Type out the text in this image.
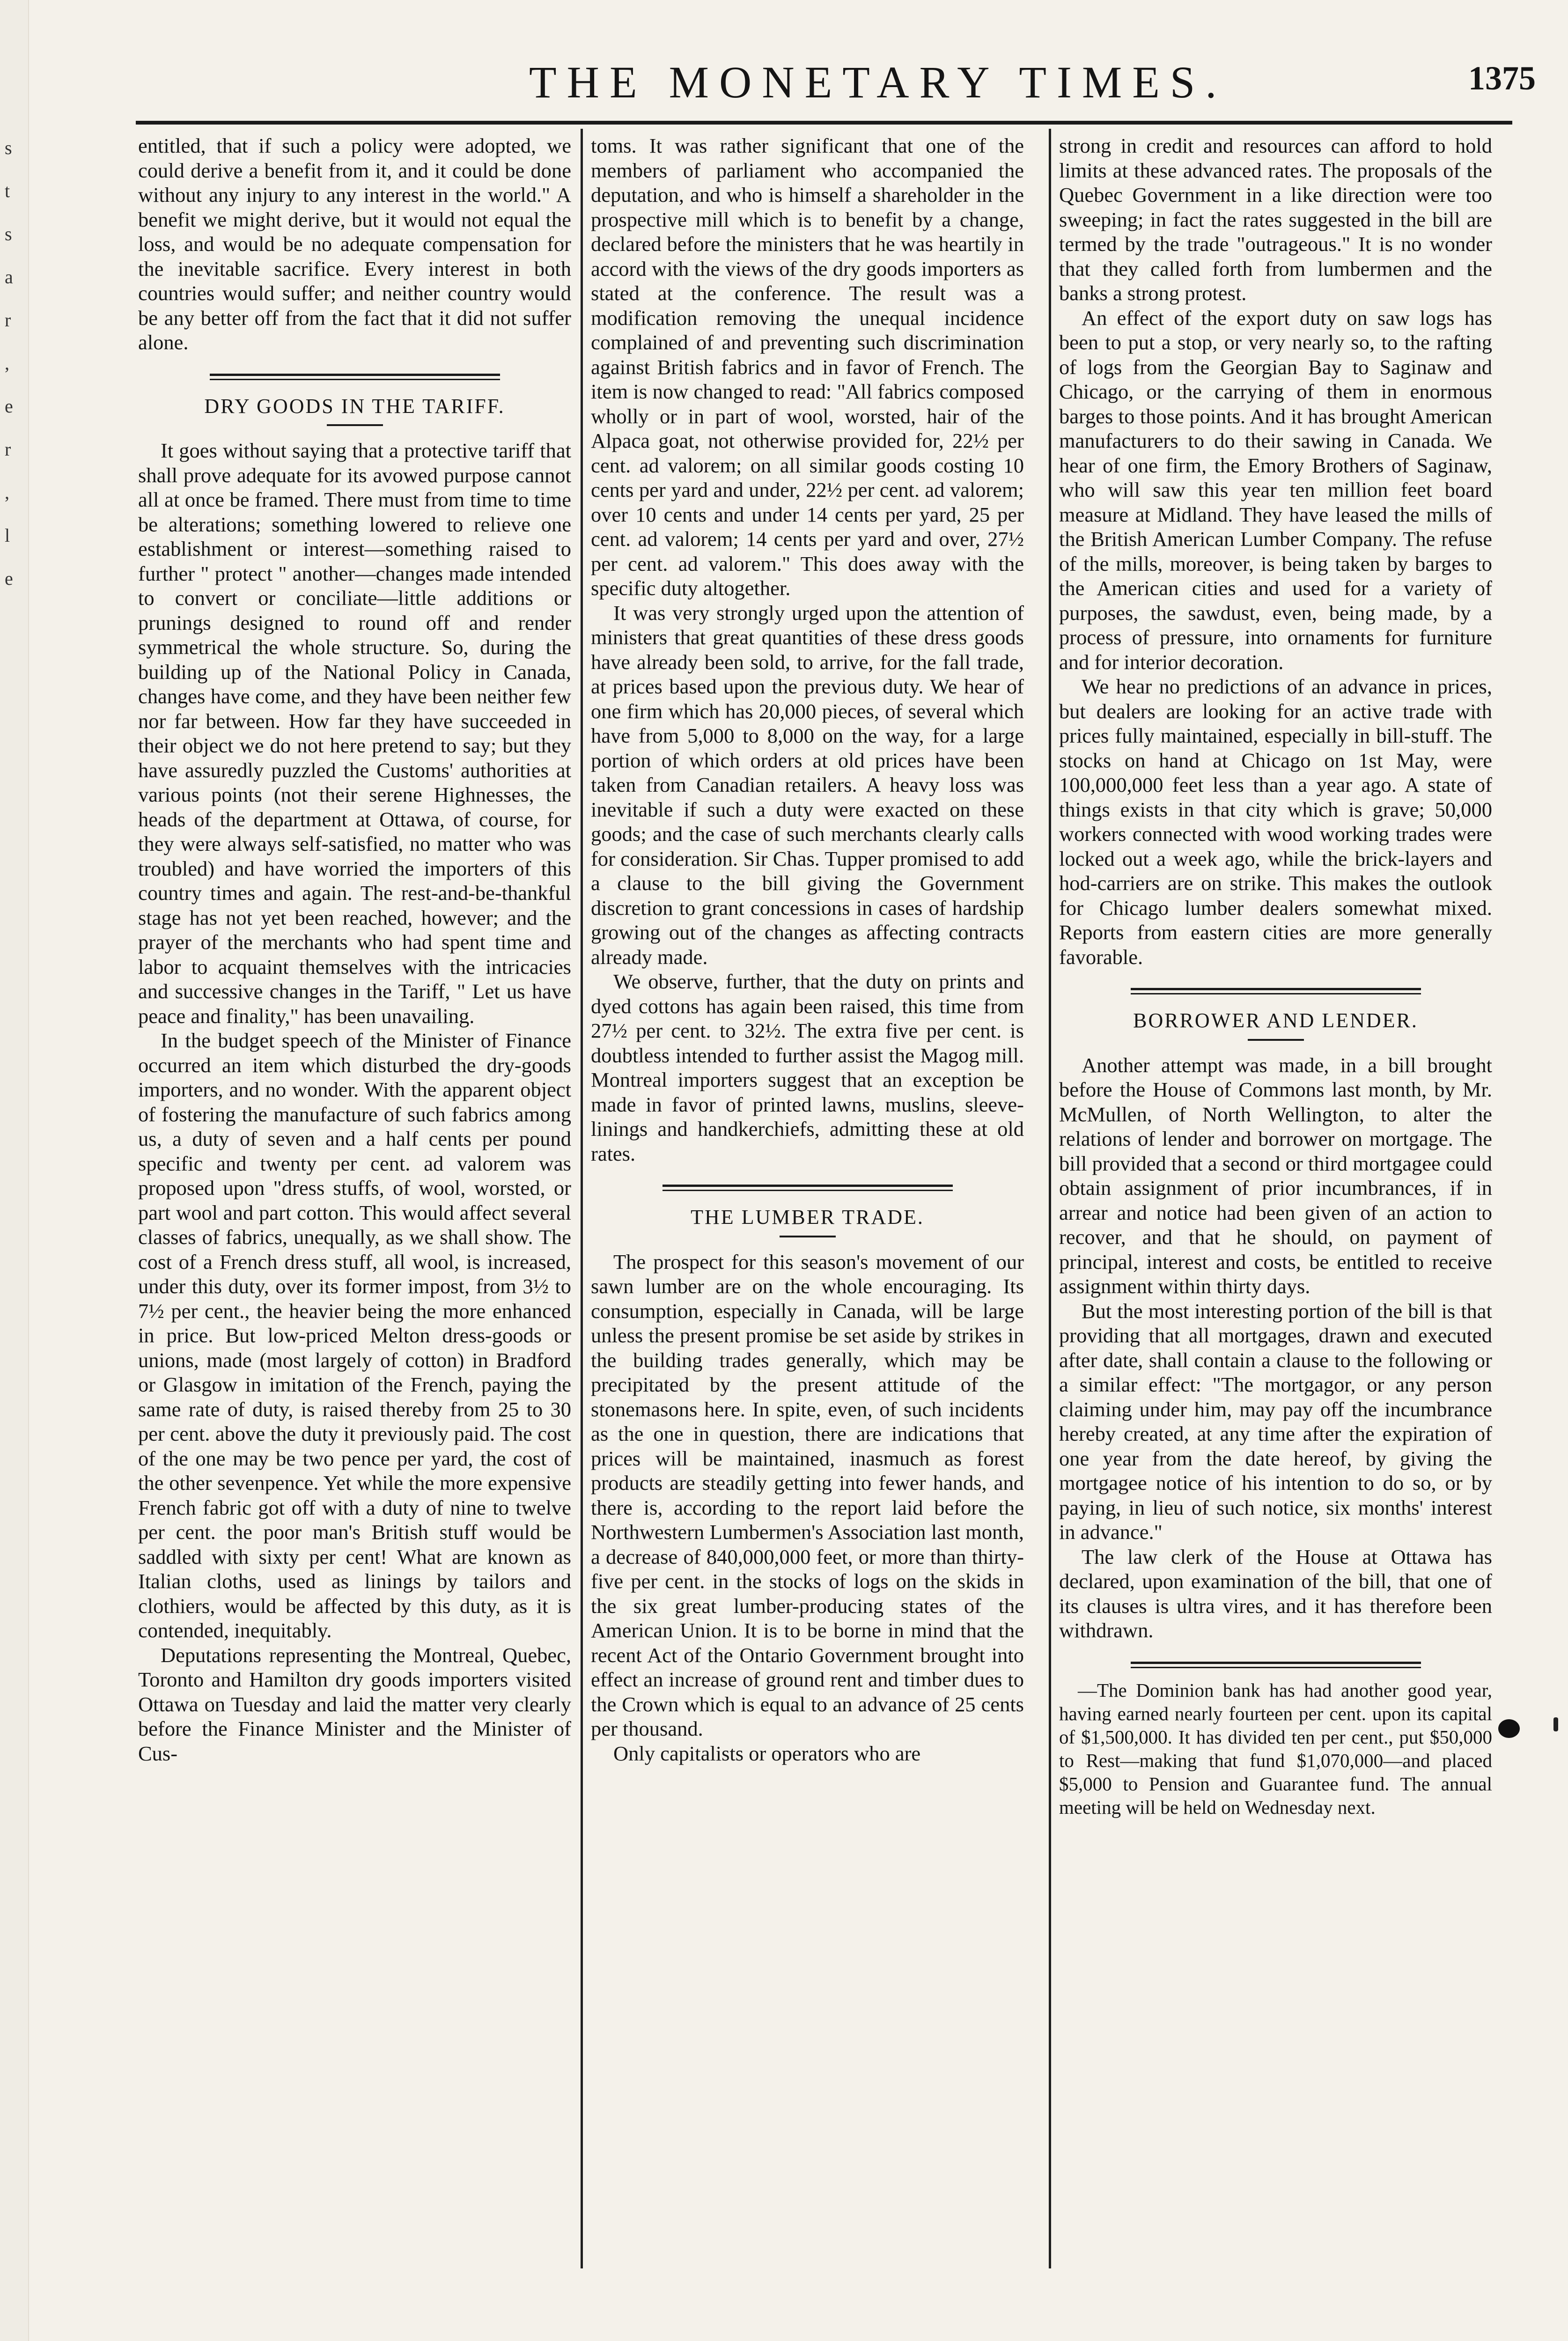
s
t
s
a
r
,
e
r
,
l
e
THE MONETARY TIMES.	1375

entitled, that if such a policy were adopted, we could derive a benefit from it, and it could be done without any injury to any interest in the world." A benefit we might derive, but it would not equal the loss, and would be no adequate compensation for the inevitable sacrifice. Every interest in both countries would suffer; and neither country would be any better off from the fact that it did not suffer alone.

DRY GOODS IN THE TARIFF.

It goes without saying that a protective tariff that shall prove adequate for its avowed purpose cannot all at once be framed. There must from time to time be alterations; something lowered to relieve one establishment or interest—something raised to further " protect " another—changes made intended to convert or conciliate—little additions or prunings designed to round off and render symmetrical the whole structure. So, during the building up of the National Policy in Canada, changes have come, and they have been neither few nor far between. How far they have succeeded in their object we do not here pretend to say; but they have assuredly puzzled the Customs' authorities at various points (not their serene Highnesses, the heads of the department at Ottawa, of course, for they were always self-satisfied, no matter who was troubled) and have worried the importers of this country times and again. The rest-and-be-thankful stage has not yet been reached, however; and the prayer of the merchants who had spent time and labor to acquaint themselves with the intricacies and successive changes in the Tariff, " Let us have peace and finality," has been unavailing.

In the budget speech of the Minister of Finance occurred an item which disturbed the dry-goods importers, and no wonder. With the apparent object of fostering the manufacture of such fabrics among us, a duty of seven and a half cents per pound specific and twenty per cent. ad valorem was proposed upon "dress stuffs, of wool, worsted, or part wool and part cotton. This would affect several classes of fabrics, unequally, as we shall show. The cost of a French dress stuff, all wool, is increased, under this duty, over its former impost, from 3½ to 7½ per cent., the heavier being the more enhanced in price. But low-priced Melton dress-goods or unions, made (most largely of cotton) in Bradford or Glasgow in imitation of the French, paying the same rate of duty, is raised thereby from 25 to 30 per cent. above the duty it previously paid. The cost of the one may be two pence per yard, the cost of the other sevenpence. Yet while the more expensive French fabric got off with a duty of nine to twelve per cent. the poor man's British stuff would be saddled with sixty per cent! What are known as Italian cloths, used as linings by tailors and clothiers, would be affected by this duty, as it is contended, inequitably.

Deputations representing the Montreal, Quebec, Toronto and Hamilton dry goods importers visited Ottawa on Tuesday and laid the matter very clearly before the Finance Minister and the Minister of Cus-

toms. It was rather significant that one of the members of parliament who accompanied the deputation, and who is himself a shareholder in the prospective mill which is to benefit by a change, declared before the ministers that he was heartily in accord with the views of the dry goods importers as stated at the conference. The result was a modification removing the unequal incidence complained of and preventing such discrimination against British fabrics and in favor of French. The item is now changed to read: "All fabrics composed wholly or in part of wool, worsted, hair of the Alpaca goat, not otherwise provided for, 22½ per cent. ad valorem; on all similar goods costing 10 cents per yard and under, 22½ per cent. ad valorem; over 10 cents and under 14 cents per yard, 25 per cent. ad valorem; 14 cents per yard and over, 27½ per cent. ad valorem." This does away with the specific duty altogether.

It was very strongly urged upon the attention of ministers that great quantities of these dress goods have already been sold, to arrive, for the fall trade, at prices based upon the previous duty. We hear of one firm which has 20,000 pieces, of several which have from 5,000 to 8,000 on the way, for a large portion of which orders at old prices have been taken from Canadian retailers. A heavy loss was inevitable if such a duty were exacted on these goods; and the case of such merchants clearly calls for consideration. Sir Chas. Tupper promised to add a clause to the bill giving the Government discretion to grant concessions in cases of hardship growing out of the changes as affecting contracts already made.

We observe, further, that the duty on prints and dyed cottons has again been raised, this time from 27½ per cent. to 32½. The extra five per cent. is doubtless intended to further assist the Magog mill. Montreal importers suggest that an exception be made in favor of printed lawns, muslins, sleeve-linings and handkerchiefs, admitting these at old rates.

THE LUMBER TRADE.

The prospect for this season's movement of our sawn lumber are on the whole encouraging. Its consumption, especially in Canada, will be large unless the present promise be set aside by strikes in the building trades generally, which may be precipitated by the present attitude of the stonemasons here. In spite, even, of such incidents as the one in question, there are indications that prices will be maintained, inasmuch as forest products are steadily getting into fewer hands, and there is, according to the report laid before the Northwestern Lumbermen's Association last month, a decrease of 840,000,000 feet, or more than thirty-five per cent. in the stocks of logs on the skids in the six great lumber-producing states of the American Union. It is to be borne in mind that the recent Act of the Ontario Government brought into effect an increase of ground rent and timber dues to the Crown which is equal to an advance of 25 cents per thousand.

Only capitalists or operators who are

strong in credit and resources can afford to hold limits at these advanced rates. The proposals of the Quebec Government in a like direction were too sweeping; in fact the rates suggested in the bill are termed by the trade "outrageous." It is no wonder that they called forth from lumbermen and the banks a strong protest.

An effect of the export duty on saw logs has been to put a stop, or very nearly so, to the rafting of logs from the Georgian Bay to Saginaw and Chicago, or the carrying of them in enormous barges to those points. And it has brought American manufacturers to do their sawing in Canada. We hear of one firm, the Emory Brothers of Saginaw, who will saw this year ten million feet board measure at Midland. They have leased the mills of the British American Lumber Company. The refuse of the mills, moreover, is being taken by barges to the American cities and used for a variety of purposes, the sawdust, even, being made, by a process of pressure, into ornaments for furniture and for interior decoration.

We hear no predictions of an advance in prices, but dealers are looking for an active trade with prices fully maintained, especially in bill-stuff. The stocks on hand at Chicago on 1st May, were 100,000,000 feet less than a year ago. A state of things exists in that city which is grave; 50,000 workers connected with wood working trades were locked out a week ago, while the brick-layers and hod-carriers are on strike. This makes the outlook for Chicago lumber dealers somewhat mixed. Reports from eastern cities are more generally favorable.

BORROWER AND LENDER.

Another attempt was made, in a bill brought before the House of Commons last month, by Mr. McMullen, of North Wellington, to alter the relations of lender and borrower on mortgage. The bill provided that a second or third mortgagee could obtain assignment of prior incumbrances, if in arrear and notice had been given of an action to recover, and that he should, on payment of principal, interest and costs, be entitled to receive assignment within thirty days.

But the most interesting portion of the bill is that providing that all mortgages, drawn and executed after date, shall contain a clause to the following or a similar effect: "The mortgagor, or any person claiming under him, may pay off the incumbrance hereby created, at any time after the expiration of one year from the date hereof, by giving the mortgagee notice of his intention to do so, or by paying, in lieu of such notice, six months' interest in advance."

The law clerk of the House at Ottawa has declared, upon examination of the bill, that one of its clauses is ultra vires, and it has therefore been withdrawn.

—The Dominion bank has had another good year, having earned nearly fourteen per cent. upon its capital of $1,500,000. It has divided ten per cent., put $50,000 to Rest—making that fund $1,070,000—and placed $5,000 to Pension and Guarantee fund. The annual meeting will be held on Wednesday next.
